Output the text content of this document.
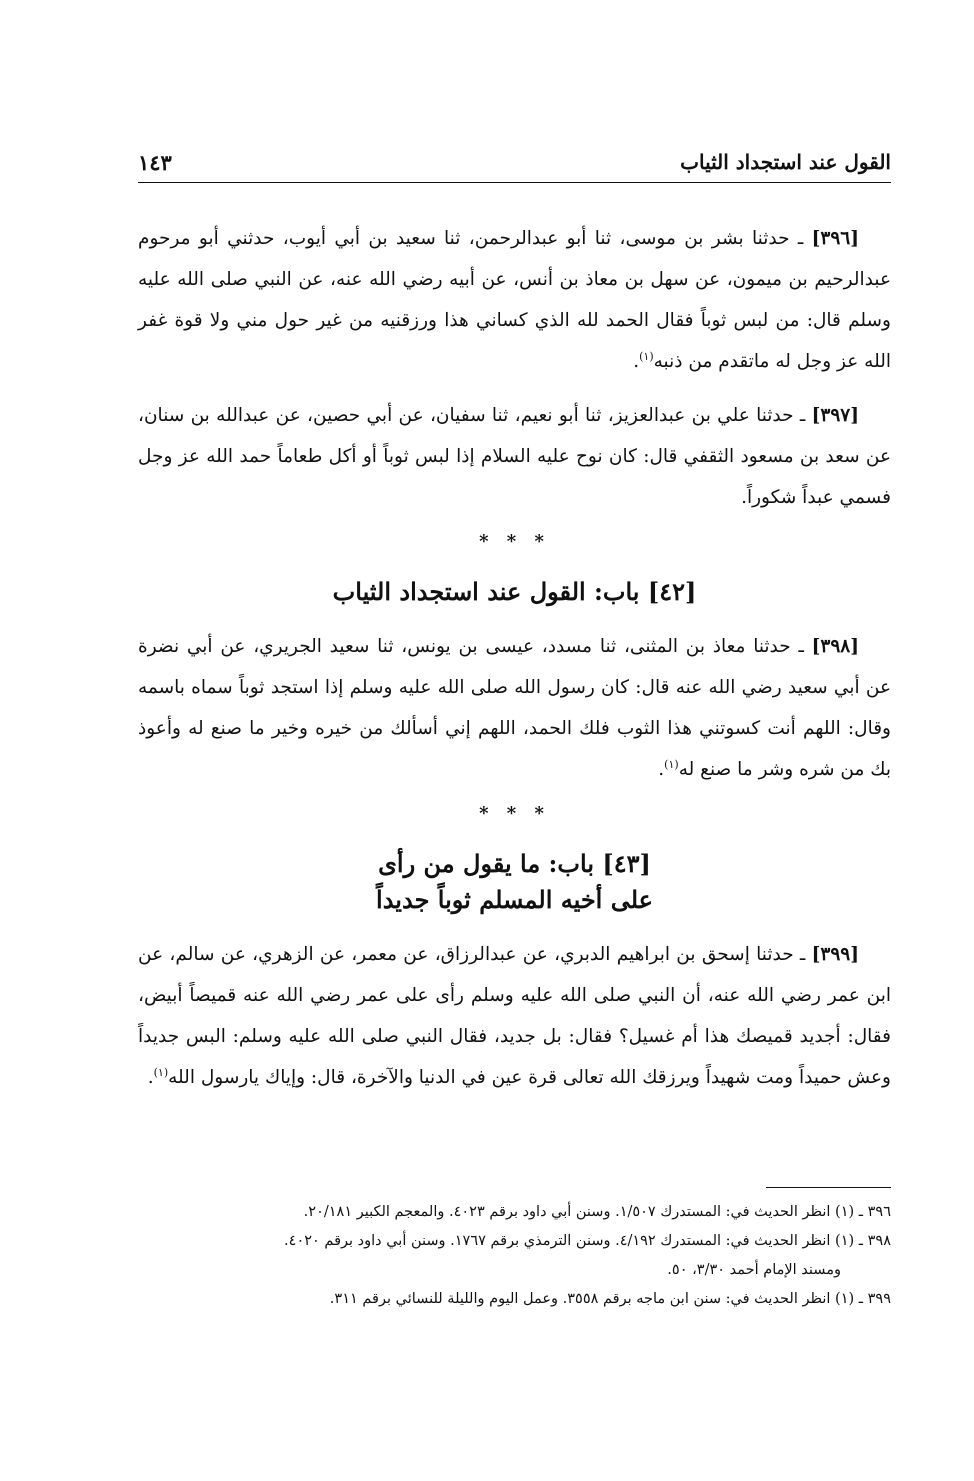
القول عند استجداد الثياب
١٤٣

[٣٩٦] ـ حدثنا بشر بن موسى، ثنا أبو عبدالرحمن، ثنا سعيد بن أبي أيوب، حدثني أبو مرحوم عبدالرحيم بن ميمون، عن سهل بن معاذ بن أنس، عن أبيه رضي الله عنه، عن النبي صلى الله عليه وسلم قال: من لبس ثوباً فقال الحمد لله الذي كساني هذا ورزقنيه من غير حول مني ولا قوة غفر الله عز وجل له ماتقدم من ذنبه$^{(١)}$.

[٣٩٧] ـ حدثنا علي بن عبدالعزيز، ثنا أبو نعيم، ثنا سفيان، عن أبي حصين، عن عبدالله بن سنان، عن سعد بن مسعود الثقفي قال: كان نوح عليه السلام إذا لبس ثوباً أو أكل طعاماً حمد الله عز وجل فسمي عبداً شكوراً.

* * *
[٤٢] باب: القول عند استجداد الثياب

[٣٩٨] ـ حدثنا معاذ بن المثنى، ثنا مسدد، عيسى بن يونس، ثنا سعيد الجريري، عن أبي نضرة عن أبي سعيد رضي الله عنه قال: كان رسول الله صلى الله عليه وسلم إذا استجد ثوباً سماه باسمه وقال: اللهم أنت كسوتني هذا الثوب فلك الحمد، اللهم إني أسألك من خيره وخير ما صنع له وأعوذ بك من شره وشر ما صنع له$^{(١)}$.

* * *
[٤٣] باب: ما يقول من رأى
على أخيه المسلم ثوباً جديداً

[٣٩٩] ـ حدثنا إسحق بن ابراهيم الدبري، عن عبدالرزاق، عن معمر، عن الزهري، عن سالم، عن ابن عمر رضي الله عنه، أن النبي صلى الله عليه وسلم رأى على عمر رضي الله عنه قميصاً أبيض، فقال: أجديد قميصك هذا أم غسيل؟ فقال: بل جديد، فقال النبي صلى الله عليه وسلم: البس جديداً وعش حميداً ومت شهيداً ويرزقك الله تعالى قرة عين في الدنيا والآخرة، قال: وإياك يارسول الله$^{(١)}$.

٣٩٦ ـ (١) انظر الحديث في: المستدرك ١/٥٠٧. وسنن أبي داود برقم ٤٠٢٣. والمعجم الكبير ٢٠/١٨١.

٣٩٨ ـ (١) انظر الحديث في: المستدرك ٤/١٩٢. وسنن الترمذي برقم ١٧٦٧. وسنن أبي داود برقم ٤٠٢٠.

ومسند الإمام أحمد ٣/٣٠، ٥٠.

٣٩٩ ـ (١) انظر الحديث في: سنن ابن ماجه برقم ٣٥٥٨. وعمل اليوم والليلة للنسائي برقم ٣١١.
